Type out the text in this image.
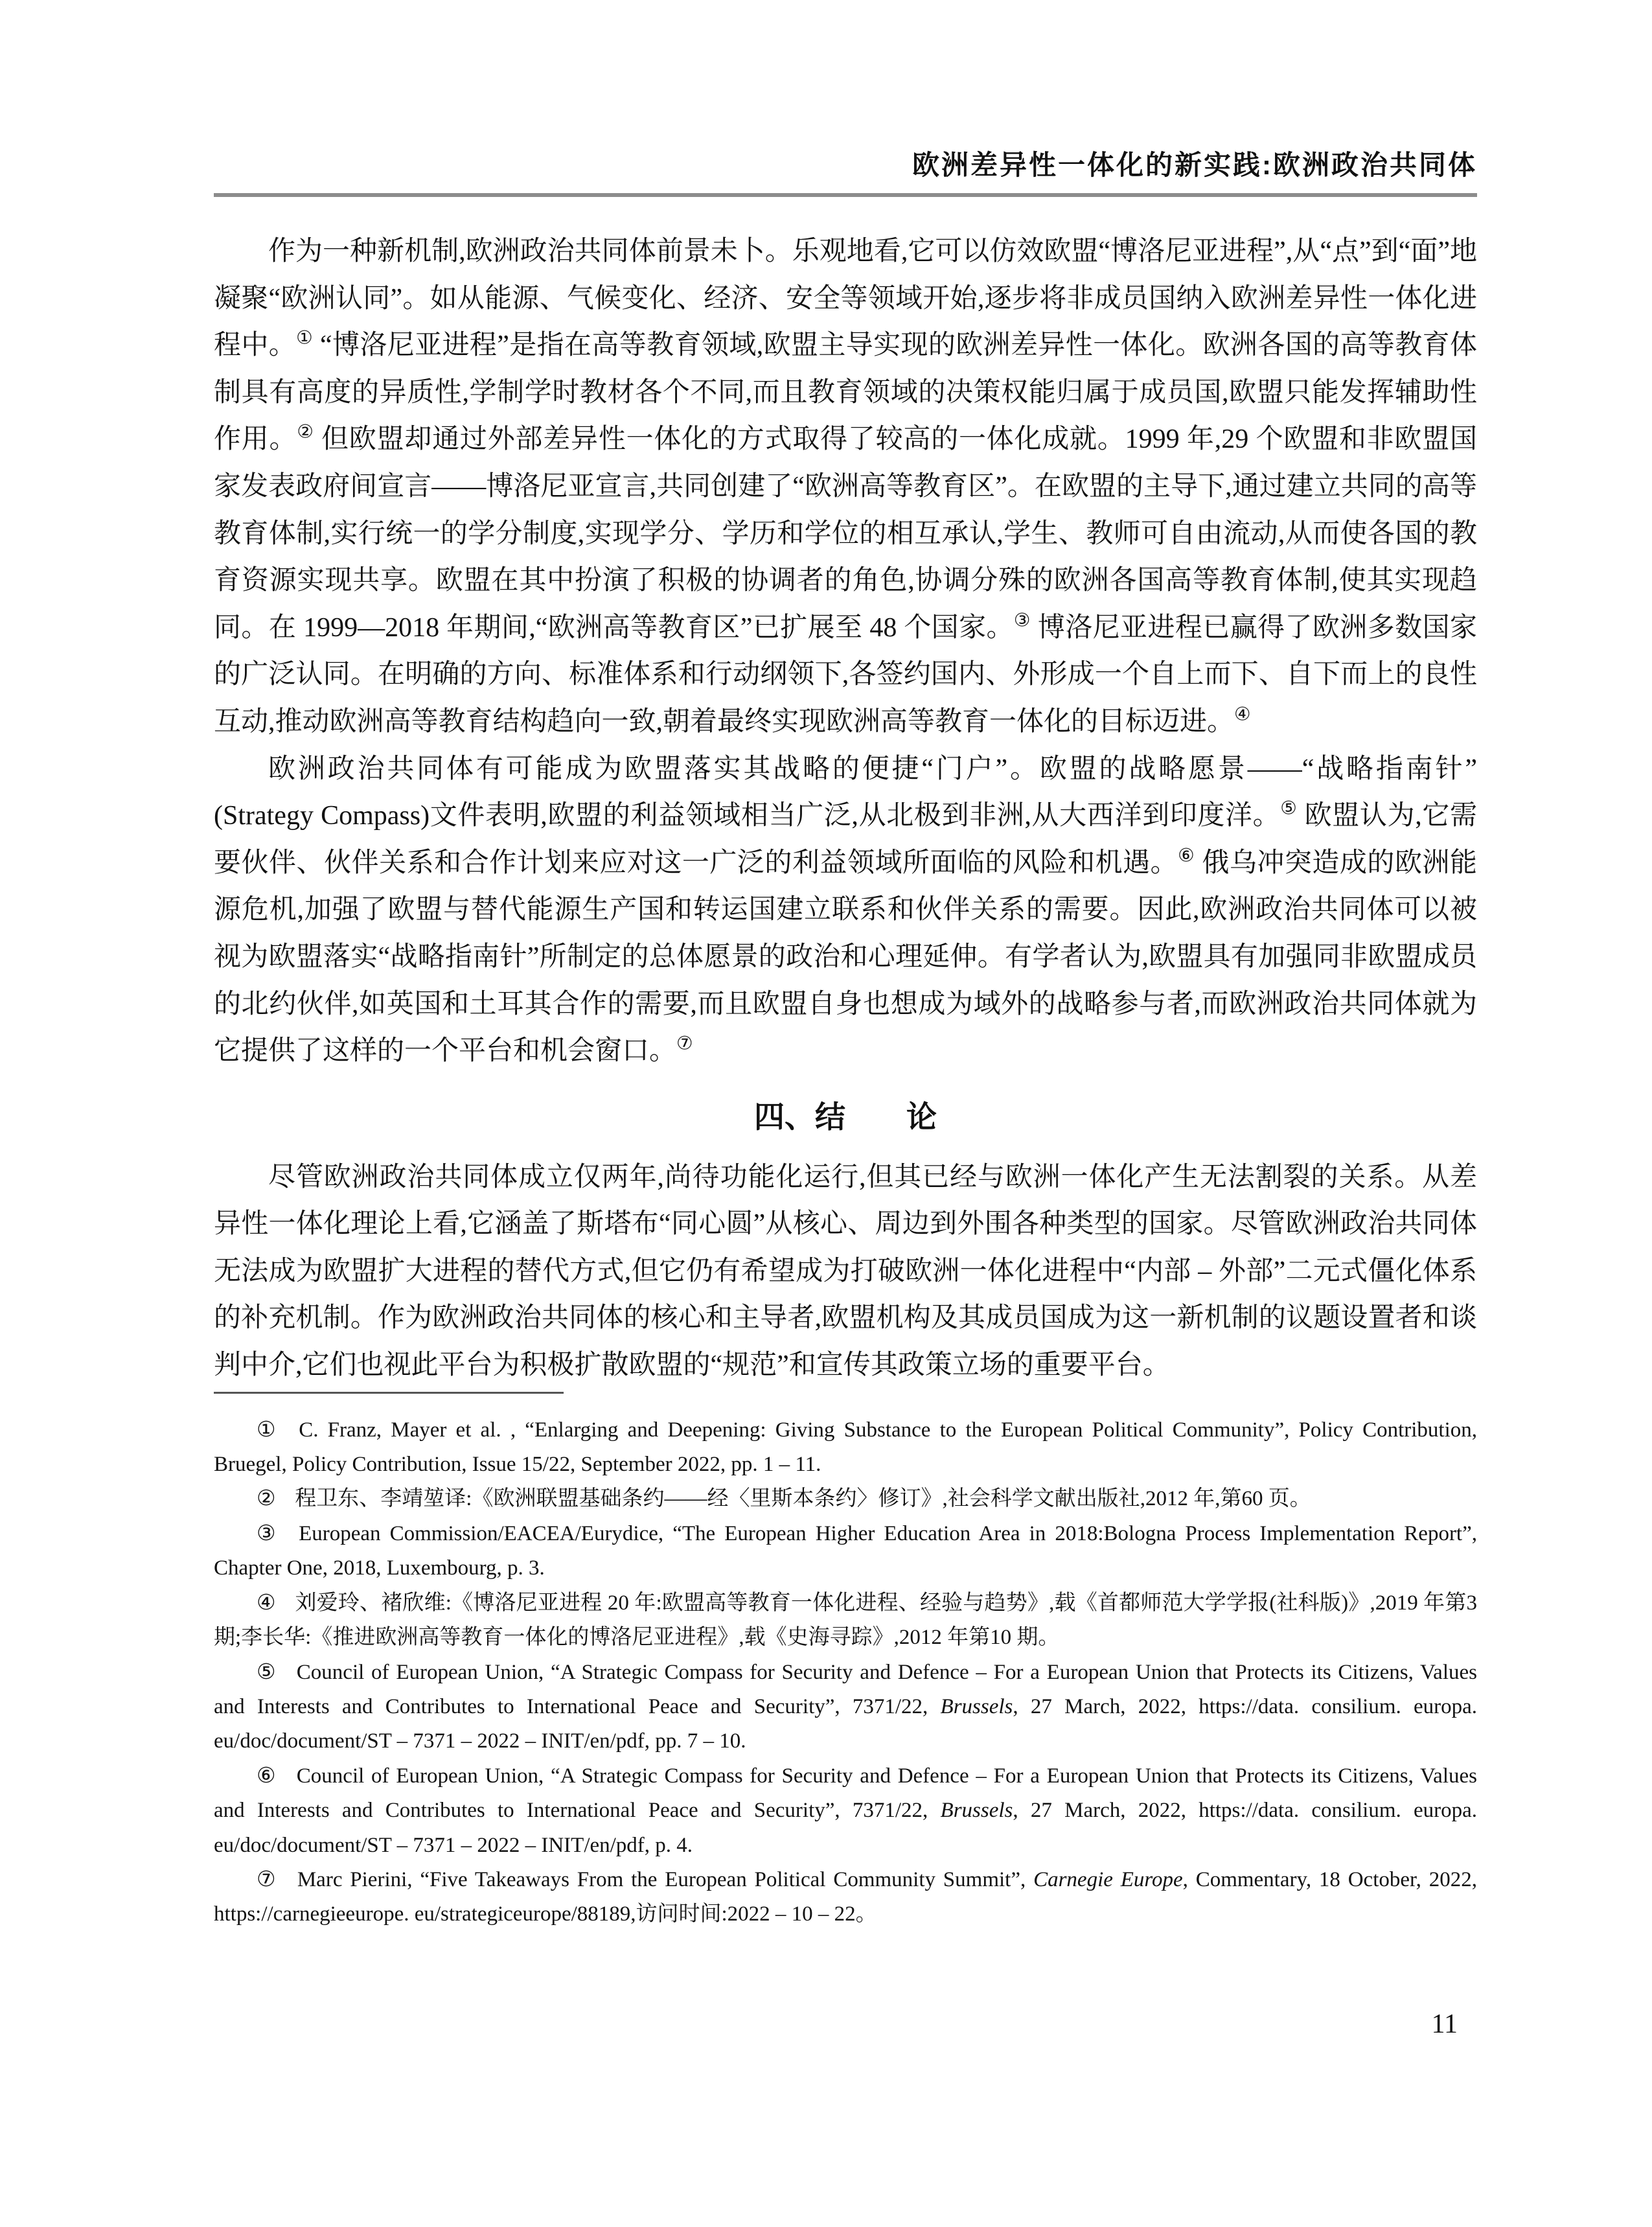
欧洲差异性一体化的新实践:欧洲政治共同体

作为一种新机制,欧洲政治共同体前景未卜。乐观地看,它可以仿效欧盟“博洛尼亚进程”,从“点”到“面”地凝聚“欧洲认同”。如从能源、气候变化、经济、安全等领域开始,逐步将非成员国纳入欧洲差异性一体化进程中。① “博洛尼亚进程”是指在高等教育领域,欧盟主导实现的欧洲差异性一体化。欧洲各国的高等教育体制具有高度的异质性,学制学时教材各个不同,而且教育领域的决策权能归属于成员国,欧盟只能发挥辅助性作用。② 但欧盟却通过外部差异性一体化的方式取得了较高的一体化成就。1999 年,29 个欧盟和非欧盟国家发表政府间宣言——博洛尼亚宣言,共同创建了“欧洲高等教育区”。在欧盟的主导下,通过建立共同的高等教育体制,实行统一的学分制度,实现学分、学历和学位的相互承认,学生、教师可自由流动,从而使各国的教育资源实现共享。欧盟在其中扮演了积极的协调者的角色,协调分殊的欧洲各国高等教育体制,使其实现趋同。在 1999—2018 年期间,“欧洲高等教育区”已扩展至 48 个国家。③ 博洛尼亚进程已赢得了欧洲多数国家的广泛认同。在明确的方向、标准体系和行动纲领下,各签约国内、外形成一个自上而下、自下而上的良性互动,推动欧洲高等教育结构趋向一致,朝着最终实现欧洲高等教育一体化的目标迈进。④

欧洲政治共同体有可能成为欧盟落实其战略的便捷“门户”。欧盟的战略愿景——“战略指南针”(Strategy Compass)文件表明,欧盟的利益领域相当广泛,从北极到非洲,从大西洋到印度洋。⑤ 欧盟认为,它需要伙伴、伙伴关系和合作计划来应对这一广泛的利益领域所面临的风险和机遇。⑥ 俄乌冲突造成的欧洲能源危机,加强了欧盟与替代能源生产国和转运国建立联系和伙伴关系的需要。因此,欧洲政治共同体可以被视为欧盟落实“战略指南针”所制定的总体愿景的政治和心理延伸。有学者认为,欧盟具有加强同非欧盟成员的北约伙伴,如英国和土耳其合作的需要,而且欧盟自身也想成为域外的战略参与者,而欧洲政治共同体就为它提供了这样的一个平台和机会窗口。⑦

四、结　　论

尽管欧洲政治共同体成立仅两年,尚待功能化运行,但其已经与欧洲一体化产生无法割裂的关系。从差异性一体化理论上看,它涵盖了斯塔布“同心圆”从核心、周边到外围各种类型的国家。尽管欧洲政治共同体无法成为欧盟扩大进程的替代方式,但它仍有希望成为打破欧洲一体化进程中“内部 – 外部”二元式僵化体系的补充机制。作为欧洲政治共同体的核心和主导者,欧盟机构及其成员国成为这一新机制的议题设置者和谈判中介,它们也视此平台为积极扩散欧盟的“规范”和宣传其政策立场的重要平台。

① C. Franz, Mayer et al. , “Enlarging and Deepening: Giving Substance to the European Political Community”, Policy Contribution, Bruegel, Policy Contribution, Issue 15/22, September 2022, pp. 1 – 11.

② 程卫东、李靖堃译:《欧洲联盟基础条约——经〈里斯本条约〉修订》,社会科学文献出版社,2012 年,第60 页。

③ European Commission/EACEA/Eurydice, “The European Higher Education Area in 2018:Bologna Process Implementation Report”, Chapter One, 2018, Luxembourg, p. 3.

④ 刘爱玲、褚欣维:《博洛尼亚进程 20 年:欧盟高等教育一体化进程、经验与趋势》,载《首都师范大学学报(社科版)》,2019 年第3 期;李长华:《推进欧洲高等教育一体化的博洛尼亚进程》,载《史海寻踪》,2012 年第10 期。

⑤ Council of European Union, “A Strategic Compass for Security and Defence – For a European Union that Protects its Citizens, Values and Interests and Contributes to International Peace and Security”, 7371/22, Brussels, 27 March, 2022, https://data. consilium. europa. eu/doc/document/ST – 7371 – 2022 – INIT/en/pdf, pp. 7 – 10.

⑥ Council of European Union, “A Strategic Compass for Security and Defence – For a European Union that Protects its Citizens, Values and Interests and Contributes to International Peace and Security”, 7371/22, Brussels, 27 March, 2022, https://data. consilium. europa. eu/doc/document/ST – 7371 – 2022 – INIT/en/pdf, p. 4.

⑦ Marc Pierini, “Five Takeaways From the European Political Community Summit”, Carnegie Europe, Commentary, 18 October, 2022, https://carnegieeurope. eu/strategiceurope/88189,访问时间:2022 – 10 – 22。

11
